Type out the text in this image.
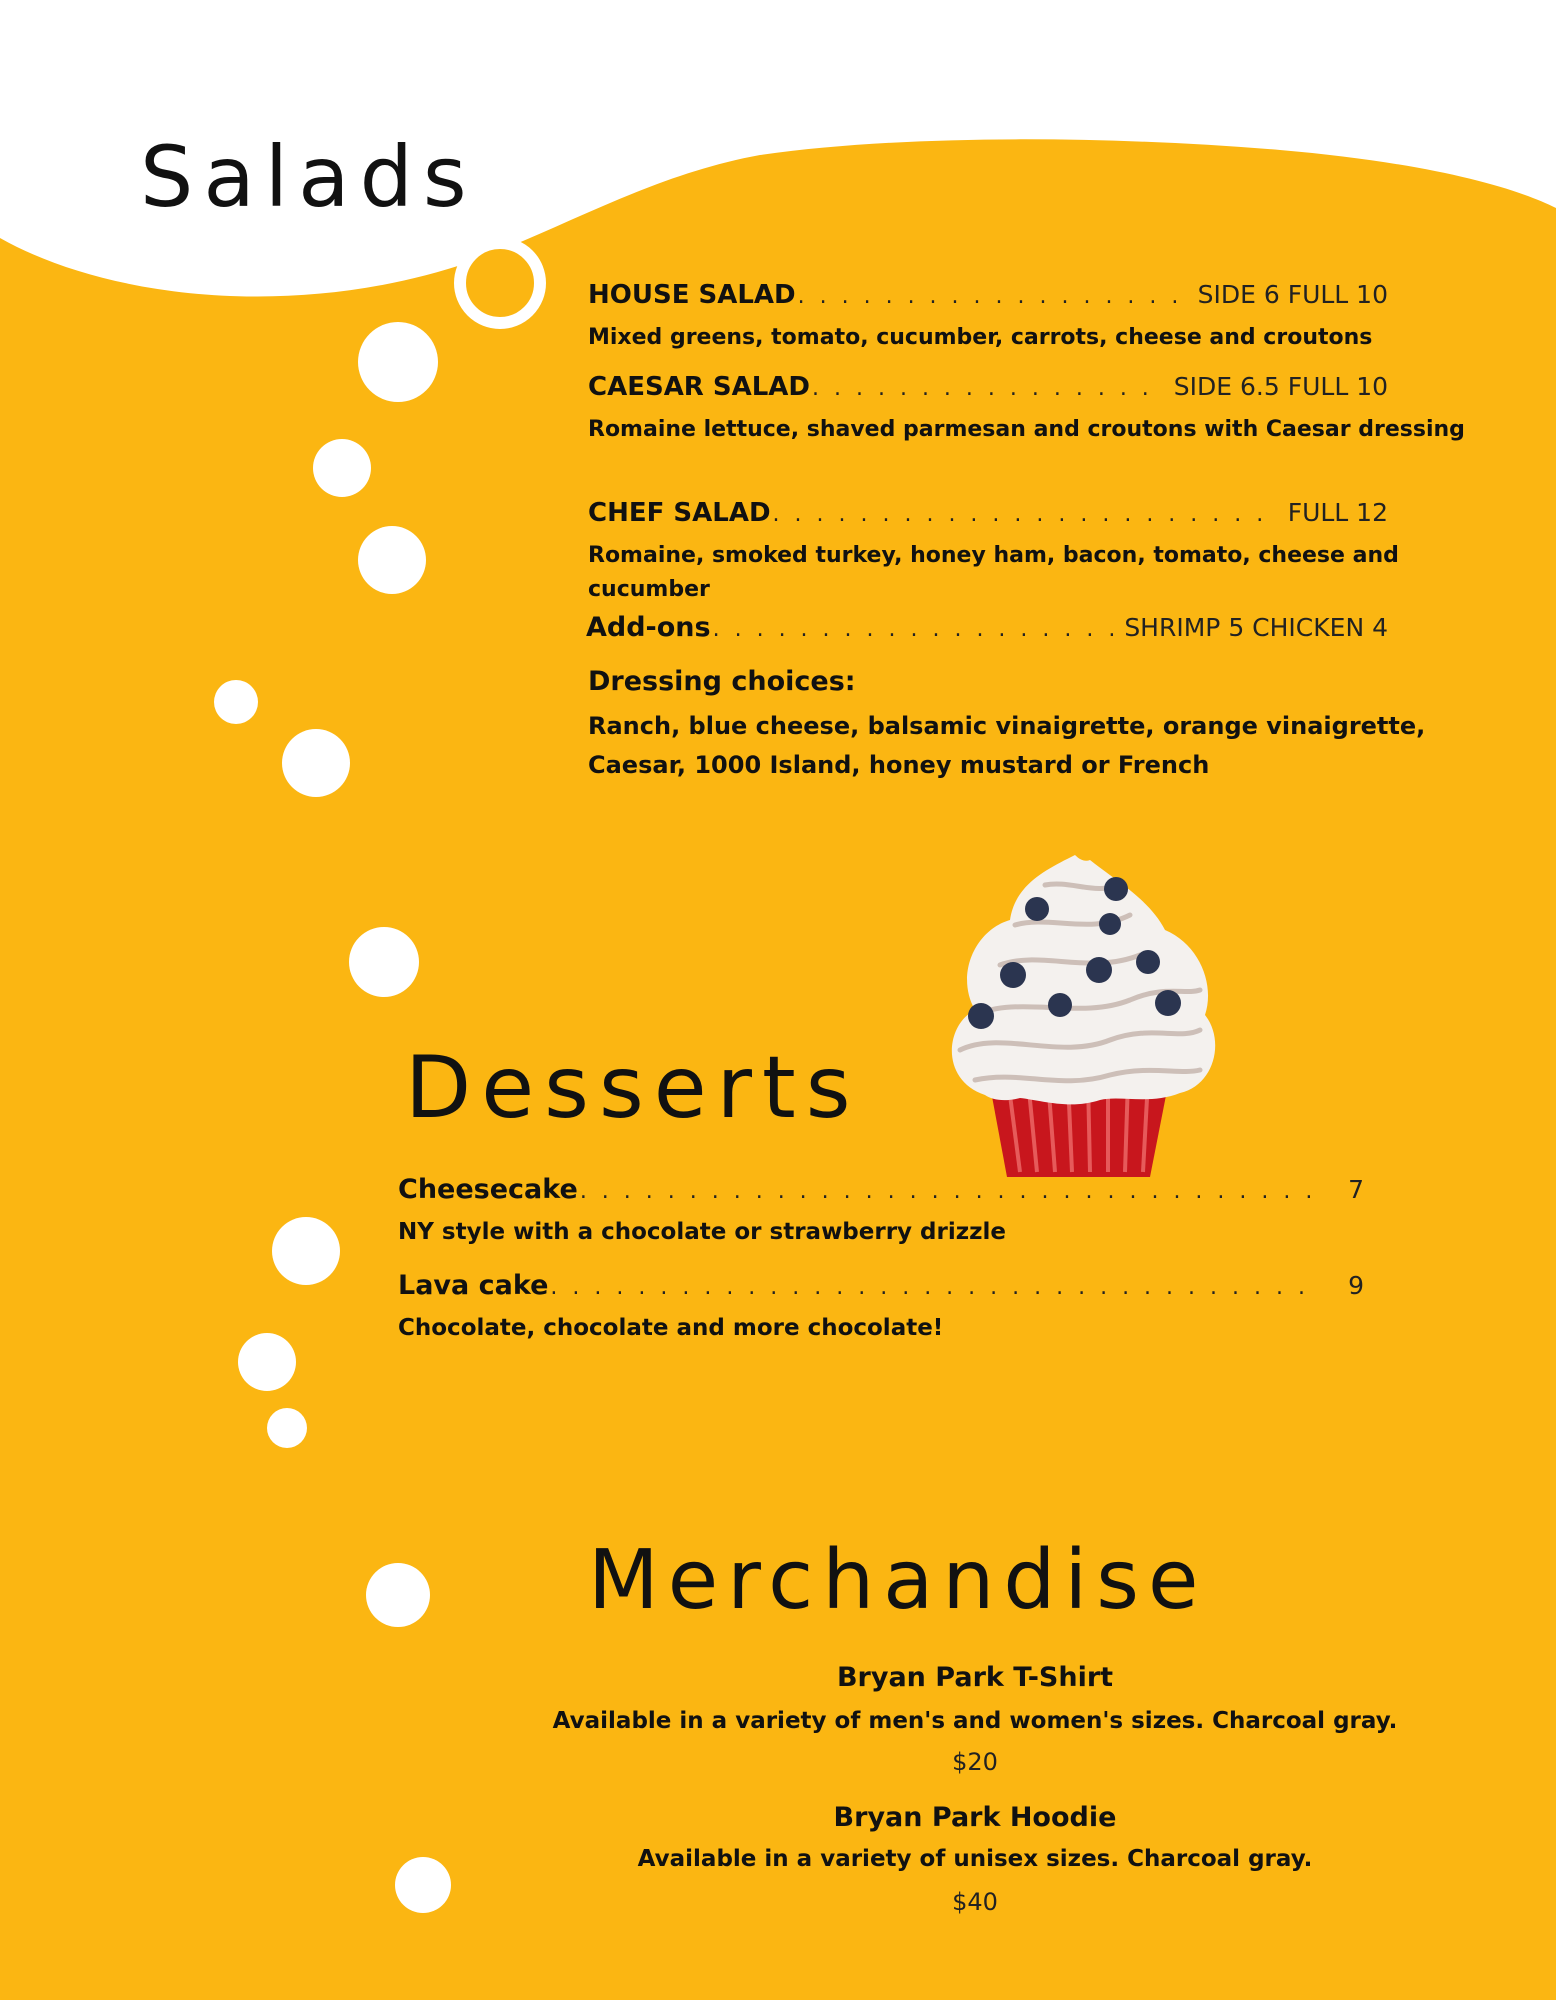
Salads
HOUSE SALAD . . .	SIDE 6 FULL 10
Mixed greens, tomato, cucumber, carrots, cheese and croutons
CAESAR SALAD . . .	SIDE 6.5 FULL 10
Romaine lettuce, shaved parmesan and croutons with Caesar dressing
CHEF SALAD . . .	FULL 12
Romaine, smoked turkey, honey ham, bacon, tomato, cheese and
cucumber
Add-ons . . .	SHRIMP 5 CHICKEN 4
Dressing choices:
Ranch, blue cheese, balsamic vinaigrette, orange vinaigrette,
Caesar, 1000 Island, honey mustard or French
Desserts
Cheesecake . . .	7
NY style with a chocolate or strawberry drizzle
Lava cake . . .	9
Chocolate, chocolate and more chocolate!
Merchandise
Bryan Park T-Shirt
Available in a variety of men's and women's sizes. Charcoal gray.
$20
Bryan Park Hoodie
Available in a variety of unisex sizes. Charcoal gray.
$40
